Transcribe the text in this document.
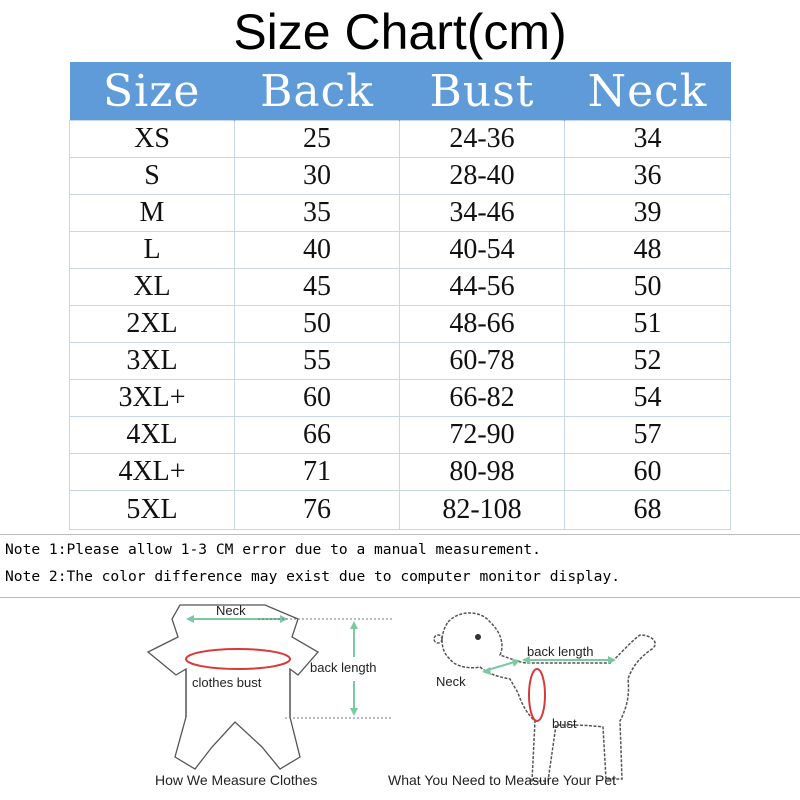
Size Chart(cm)
Size	Back	Bust	Neck
XS	25	24-36	34
S	30	28-40	36
M	35	34-46	39
L	40	40-54	48
XL	45	44-56	50
2XL	50	48-66	51
3XL	55	60-78	52
3XL+	60	66-82	54
4XL	66	72-90	57
4XL+	71	80-98	60
5XL	76	82-108	68
Note 1:Please allow 1-3 CM error due to a manual measurement.
Note 2:The color difference may exist due to computer monitor display.
Neck
clothes bust
back length
back length
Neck
bust
How We Measure Clothes	What You Need to Measure Your Pet
